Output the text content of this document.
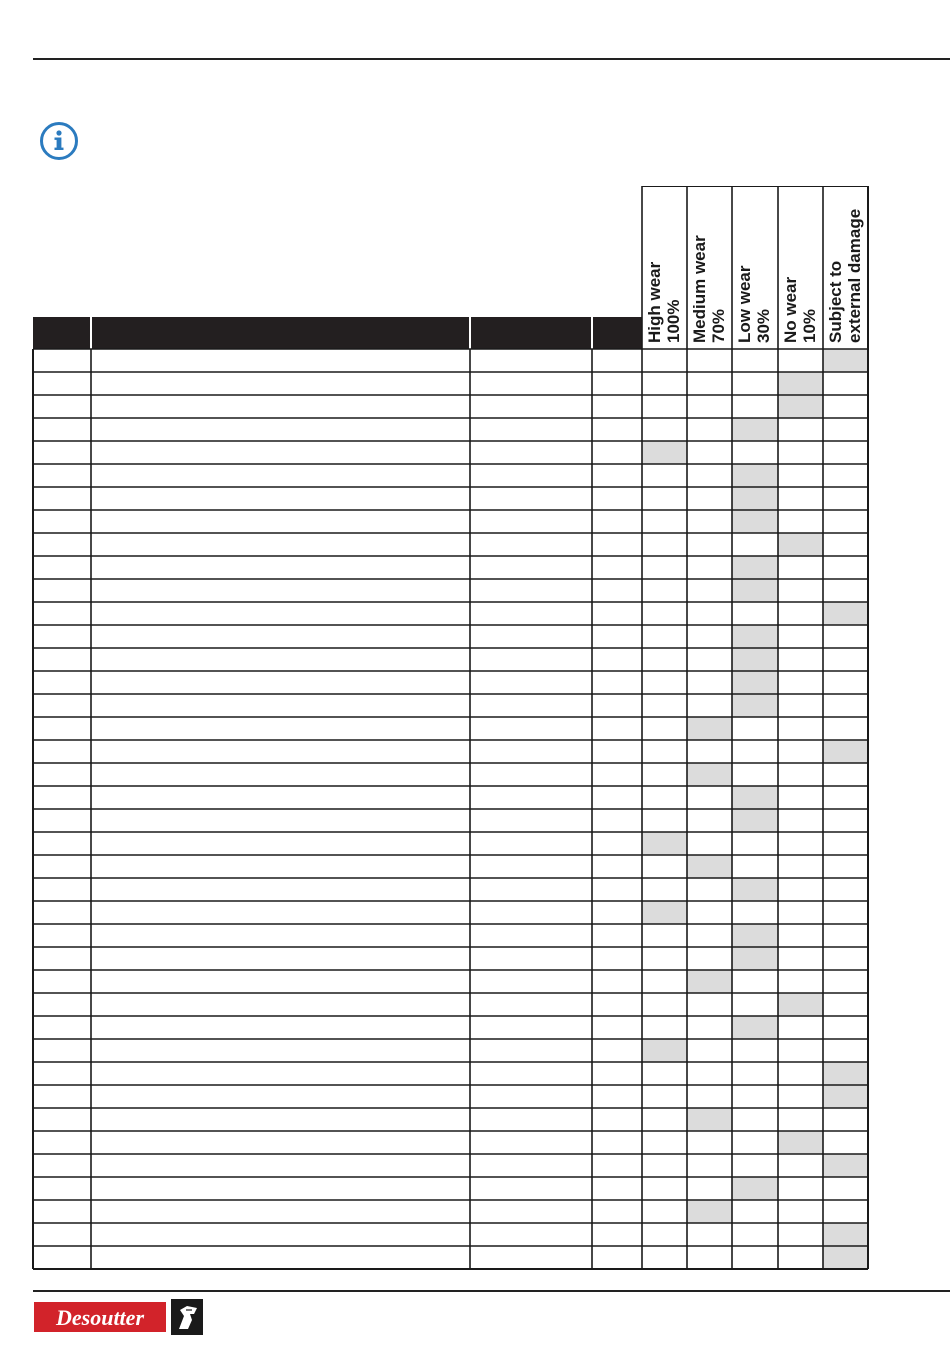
High wear 100% Medium wear 70% Low wear 30% No wear 10% Subject to external damage
Desoutter
